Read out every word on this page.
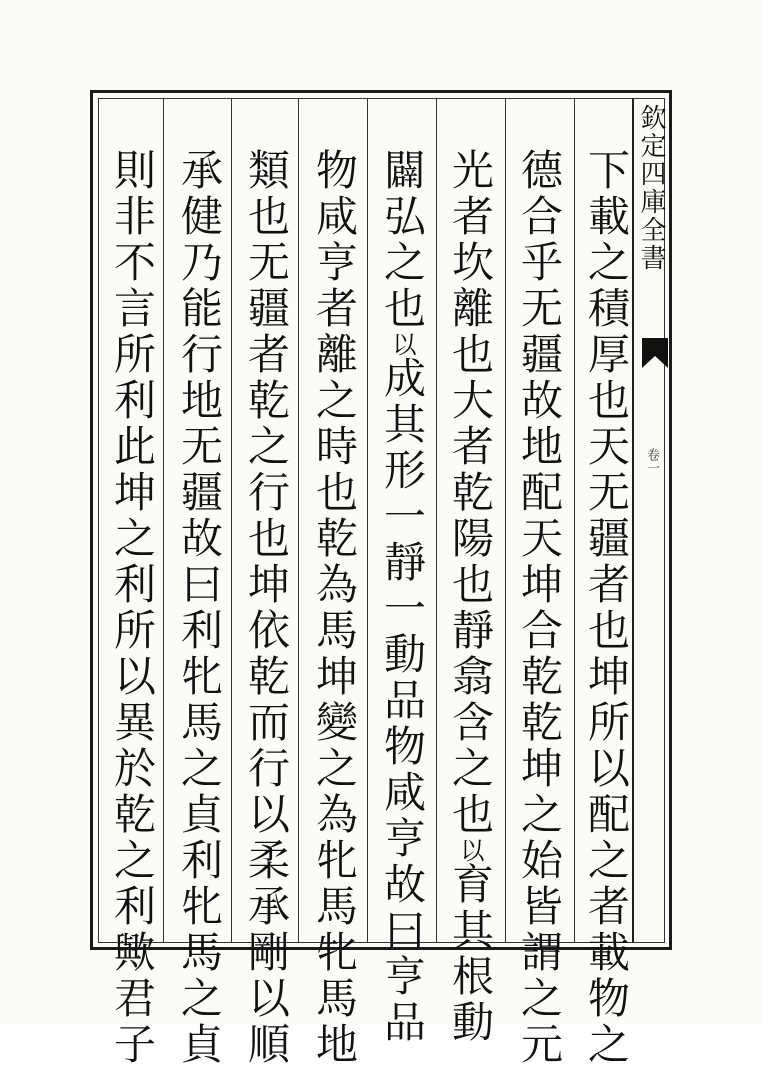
欽定四庫全書
卷一
下載之積厚也天无疆者也坤所以配之者載物之
德合乎无疆故地配天坤合乾乾坤之始皆謂之元
光者坎離也大者乾陽也靜翕含之也以育其根動
闢弘之也以成其形一靜一動品物咸亨故曰亨品
物咸亨者離之時也乾為馬坤變之為牝馬牝馬地
類也无疆者乾之行也坤依乾而行以柔承剛以順
承健乃能行地无疆故曰利牝馬之貞利牝馬之貞
則非不言所利此坤之利所以異於乾之利歟君子
